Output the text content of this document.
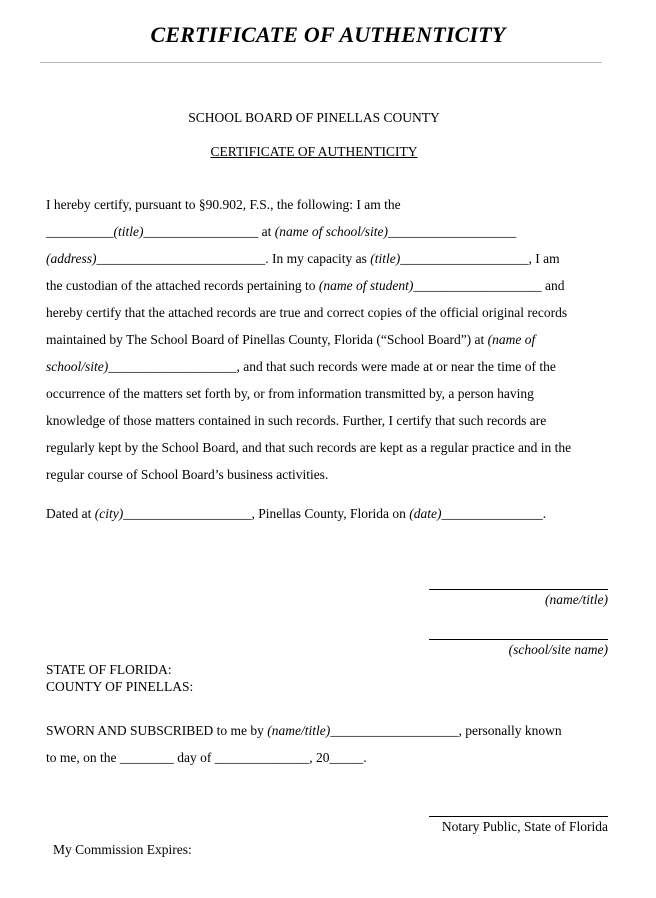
CERTIFICATE OF AUTHENTICITY
SCHOOL BOARD OF PINELLAS COUNTY
CERTIFICATE OF AUTHENTICITY
I hereby certify, pursuant to §90.902, F.S., the following: I am the
__________(title)_________________ at (name of school/site)___________________
(address)_________________________. In my capacity as (title)___________________, I am
the custodian of the attached records pertaining to (name of student)___________________ and
hereby certify that the attached records are true and correct copies of the official original records
maintained by The School Board of Pinellas County, Florida (“School Board”) at (name of
school/site)___________________, and that such records were made at or near the time of the
occurrence of the matters set forth by, or from information transmitted by, a person having
knowledge of those matters contained in such records. Further, I certify that such records are
regularly kept by the School Board, and that such records are kept as a regular practice and in the
regular course of School Board’s business activities.
Dated at (city)___________________, Pinellas County, Florida on (date)_______________.
(name/title)
(school/site name)
STATE OF FLORIDA:
COUNTY OF PINELLAS:
SWORN AND SUBSCRIBED to me by (name/title)___________________, personally known
to me, on the ________ day of ______________, 20_____.
Notary Public, State of Florida
My Commission Expires:
